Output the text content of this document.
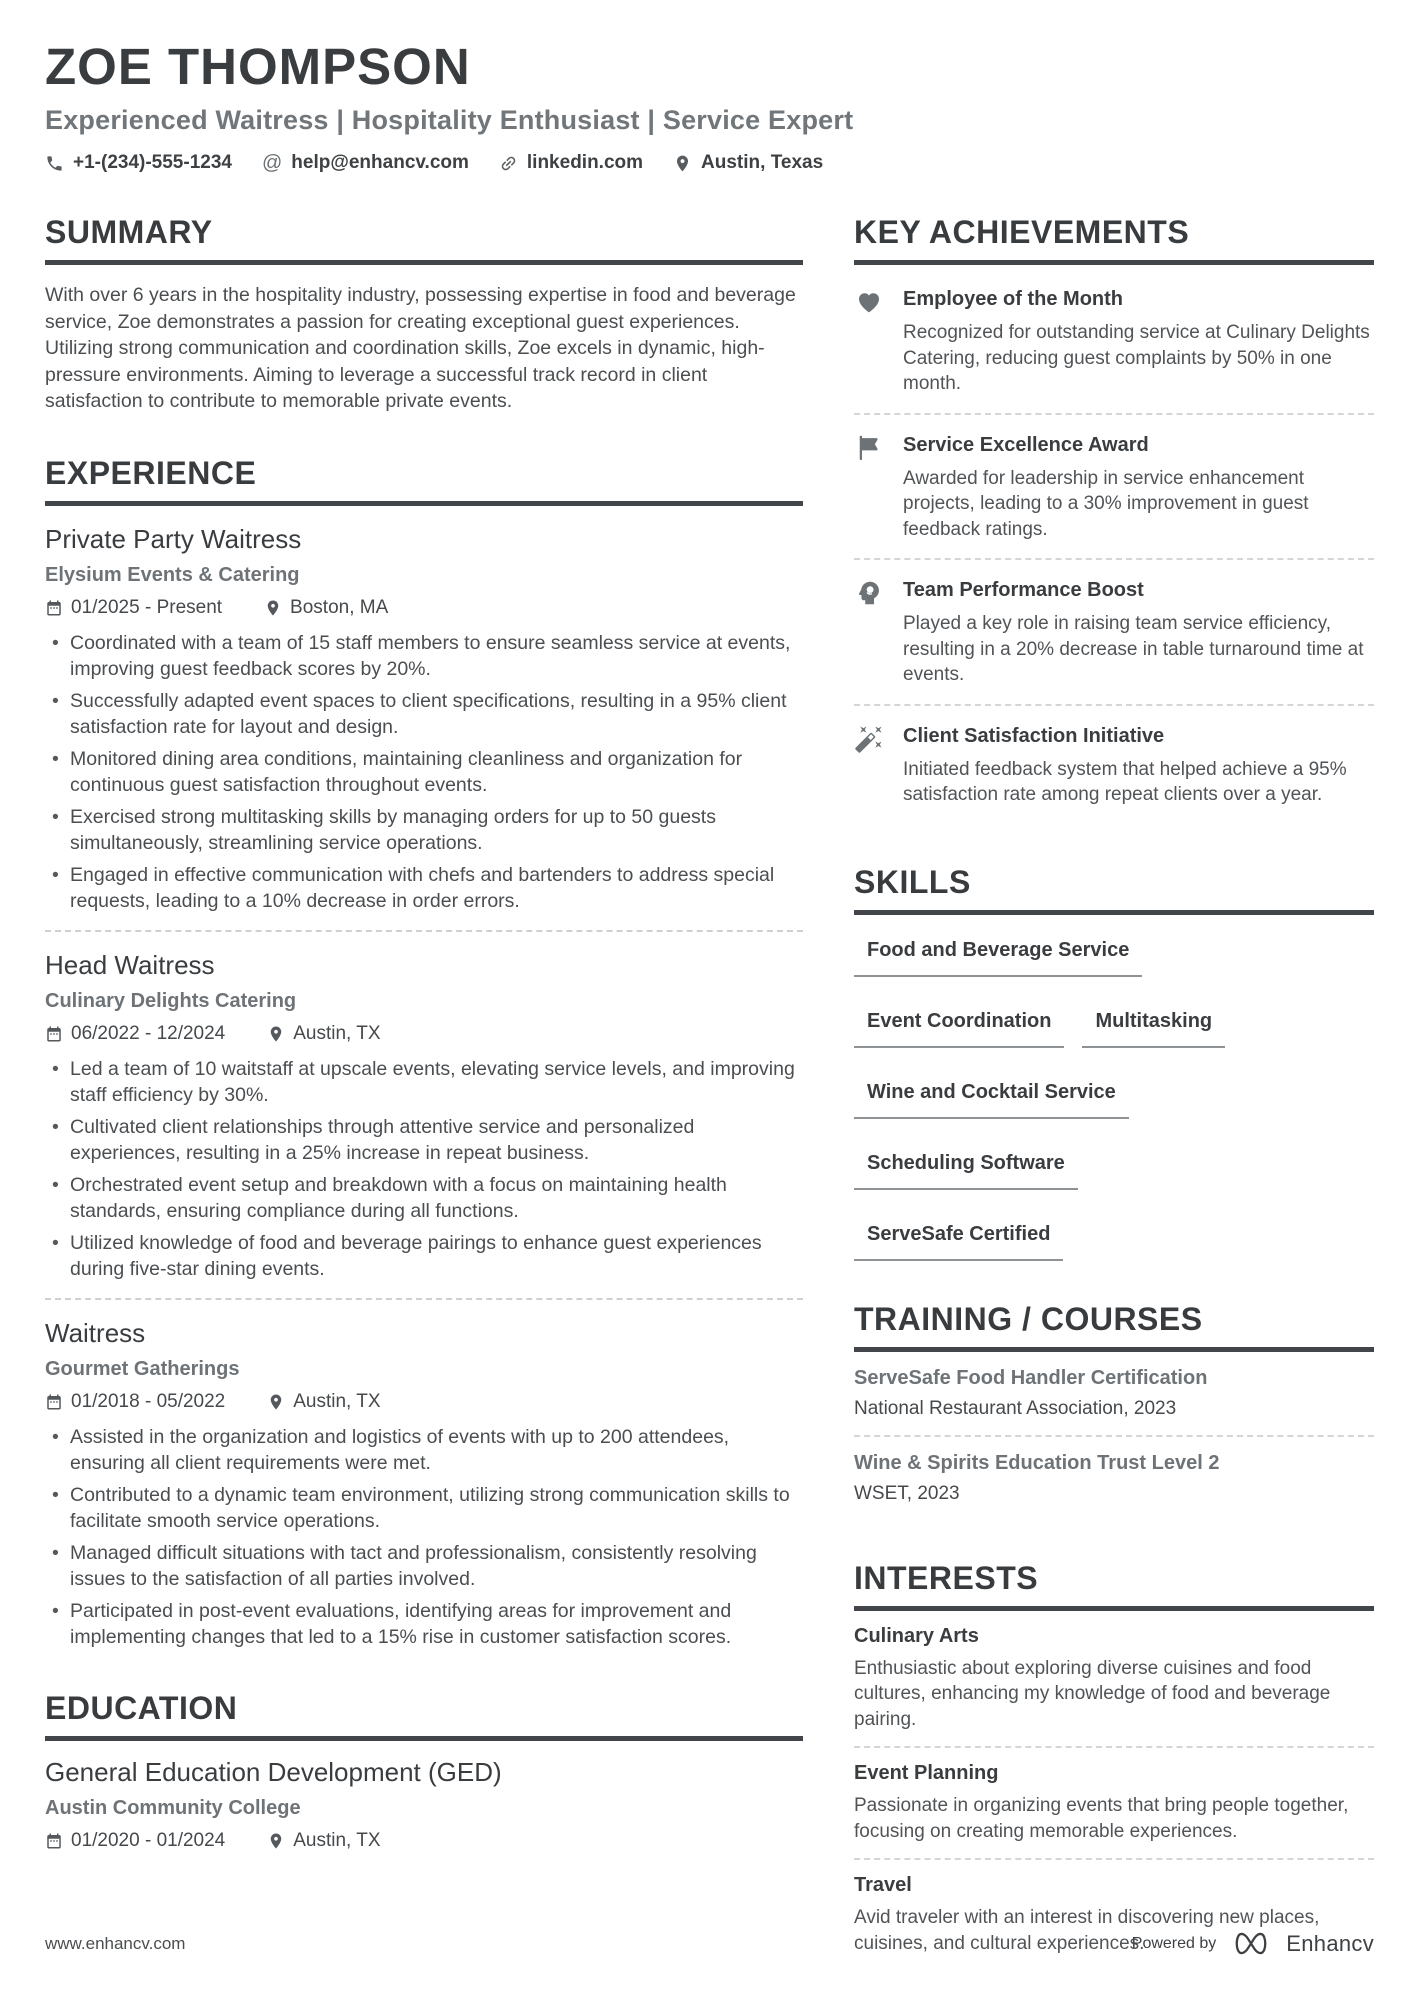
ZOE THOMPSON
Experienced Waitress | Hospitality Enthusiast | Service Expert
+1-(234)-555-1234 @ help@enhancv.com	linkedin.com	Austin, Texas
SUMMARY

With over 6 years in the hospitality industry, possessing expertise in food and beverage service, Zoe demonstrates a passion for creating exceptional guest experiences. Utilizing strong communication and coordination skills, Zoe excels in dynamic, high-pressure environments. Aiming to leverage a successful track record in client satisfaction to contribute to memorable private events.

EXPERIENCE
Private Party Waitress
Elysium Events & Catering
01/2025 - Present	Boston, MA
• Coordinated with a team of 15 staff members to ensure seamless service at events, improving guest feedback scores by 20%.
• Successfully adapted event spaces to client specifications, resulting in a 95% client satisfaction rate for layout and design.
• Monitored dining area conditions, maintaining cleanliness and organization for continuous guest satisfaction throughout events.
• Exercised strong multitasking skills by managing orders for up to 50 guests simultaneously, streamlining service operations.
• Engaged in effective communication with chefs and bartenders to address special requests, leading to a 10% decrease in order errors.
Head Waitress
Culinary Delights Catering
06/2022 - 12/2024	Austin, TX
• Led a team of 10 waitstaff at upscale events, elevating service levels, and improving staff efficiency by 30%.
• Cultivated client relationships through attentive service and personalized experiences, resulting in a 25% increase in repeat business.
• Orchestrated event setup and breakdown with a focus on maintaining health standards, ensuring compliance during all functions.
• Utilized knowledge of food and beverage pairings to enhance guest experiences during five-star dining events.
Waitress
Gourmet Gatherings
01/2018 - 05/2022	Austin, TX
• Assisted in the organization and logistics of events with up to 200 attendees, ensuring all client requirements were met.
• Contributed to a dynamic team environment, utilizing strong communication skills to facilitate smooth service operations.
• Managed difficult situations with tact and professionalism, consistently resolving issues to the satisfaction of all parties involved.
• Participated in post-event evaluations, identifying areas for improvement and implementing changes that led to a 15% rise in customer satisfaction scores.
EDUCATION
General Education Development (GED)
Austin Community College
01/2020 - 01/2024	Austin, TX
KEY ACHIEVEMENTS
Employee of the Month
Recognized for outstanding service at Culinary Delights Catering, reducing guest complaints by 50% in one month.
Service Excellence Award
Awarded for leadership in service enhancement projects, leading to a 30% improvement in guest feedback ratings.
Team Performance Boost
Played a key role in raising team service efficiency, resulting in a 20% decrease in table turnaround time at events.
Client Satisfaction Initiative
Initiated feedback system that helped achieve a 95% satisfaction rate among repeat clients over a year.
SKILLS
Food and Beverage Service
Event Coordination	Multitasking
Wine and Cocktail Service
Scheduling Software
ServeSafe Certified
TRAINING / COURSES
ServeSafe Food Handler Certification
National Restaurant Association, 2023
Wine & Spirits Education Trust Level 2
WSET, 2023
INTERESTS
Culinary Arts
Enthusiastic about exploring diverse cuisines and food cultures, enhancing my knowledge of food and beverage pairing.
Event Planning
Passionate in organizing events that bring people together, focusing on creating memorable experiences.
Travel
Avid traveler with an interest in discovering new places, cuisines, and cultural experiences.
www.enhancv.com	Powered by	Enhancv
